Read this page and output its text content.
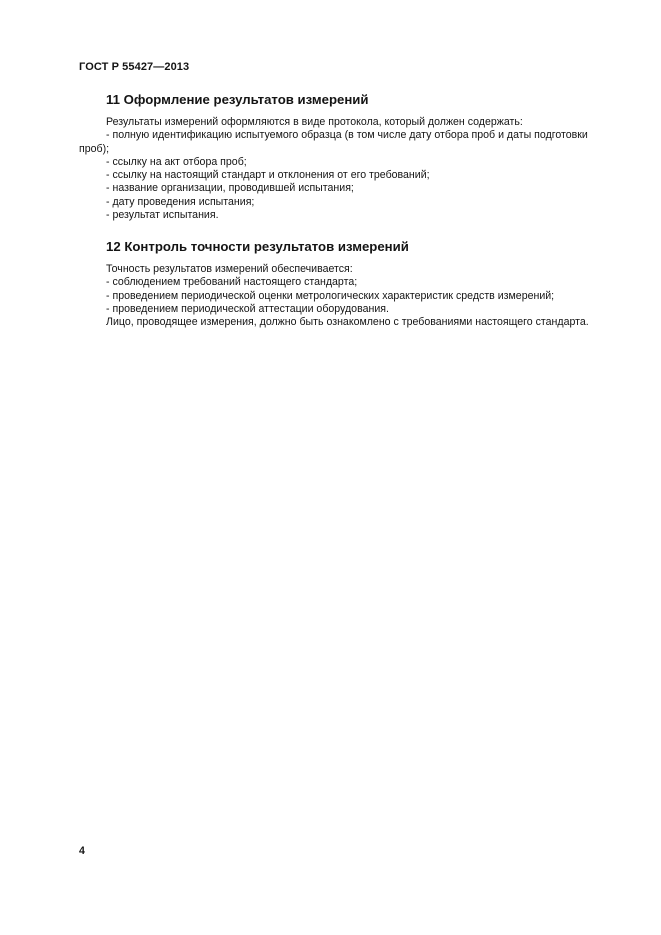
ГОСТ Р 55427—2013
11 Оформление результатов измерений

Результаты измерений оформляются в виде протокола, который должен содержать:

- полную идентификацию испытуемого образца (в том числе дату отбора проб и даты подготовки проб);

- ссылку на акт отбора проб;

- ссылку на настоящий стандарт и отклонения от его требований;

- название организации, проводившей испытания;

- дату проведения испытания;

- результат испытания.

12 Контроль точности результатов измерений

Точность результатов измерений обеспечивается:

- соблюдением требований настоящего стандарта;

- проведением периодической оценки метрологических характеристик средств измерений;

- проведением периодической аттестации оборудования.

Лицо, проводящее измерения, должно быть ознакомлено с требованиями настоящего стандарта.

4
